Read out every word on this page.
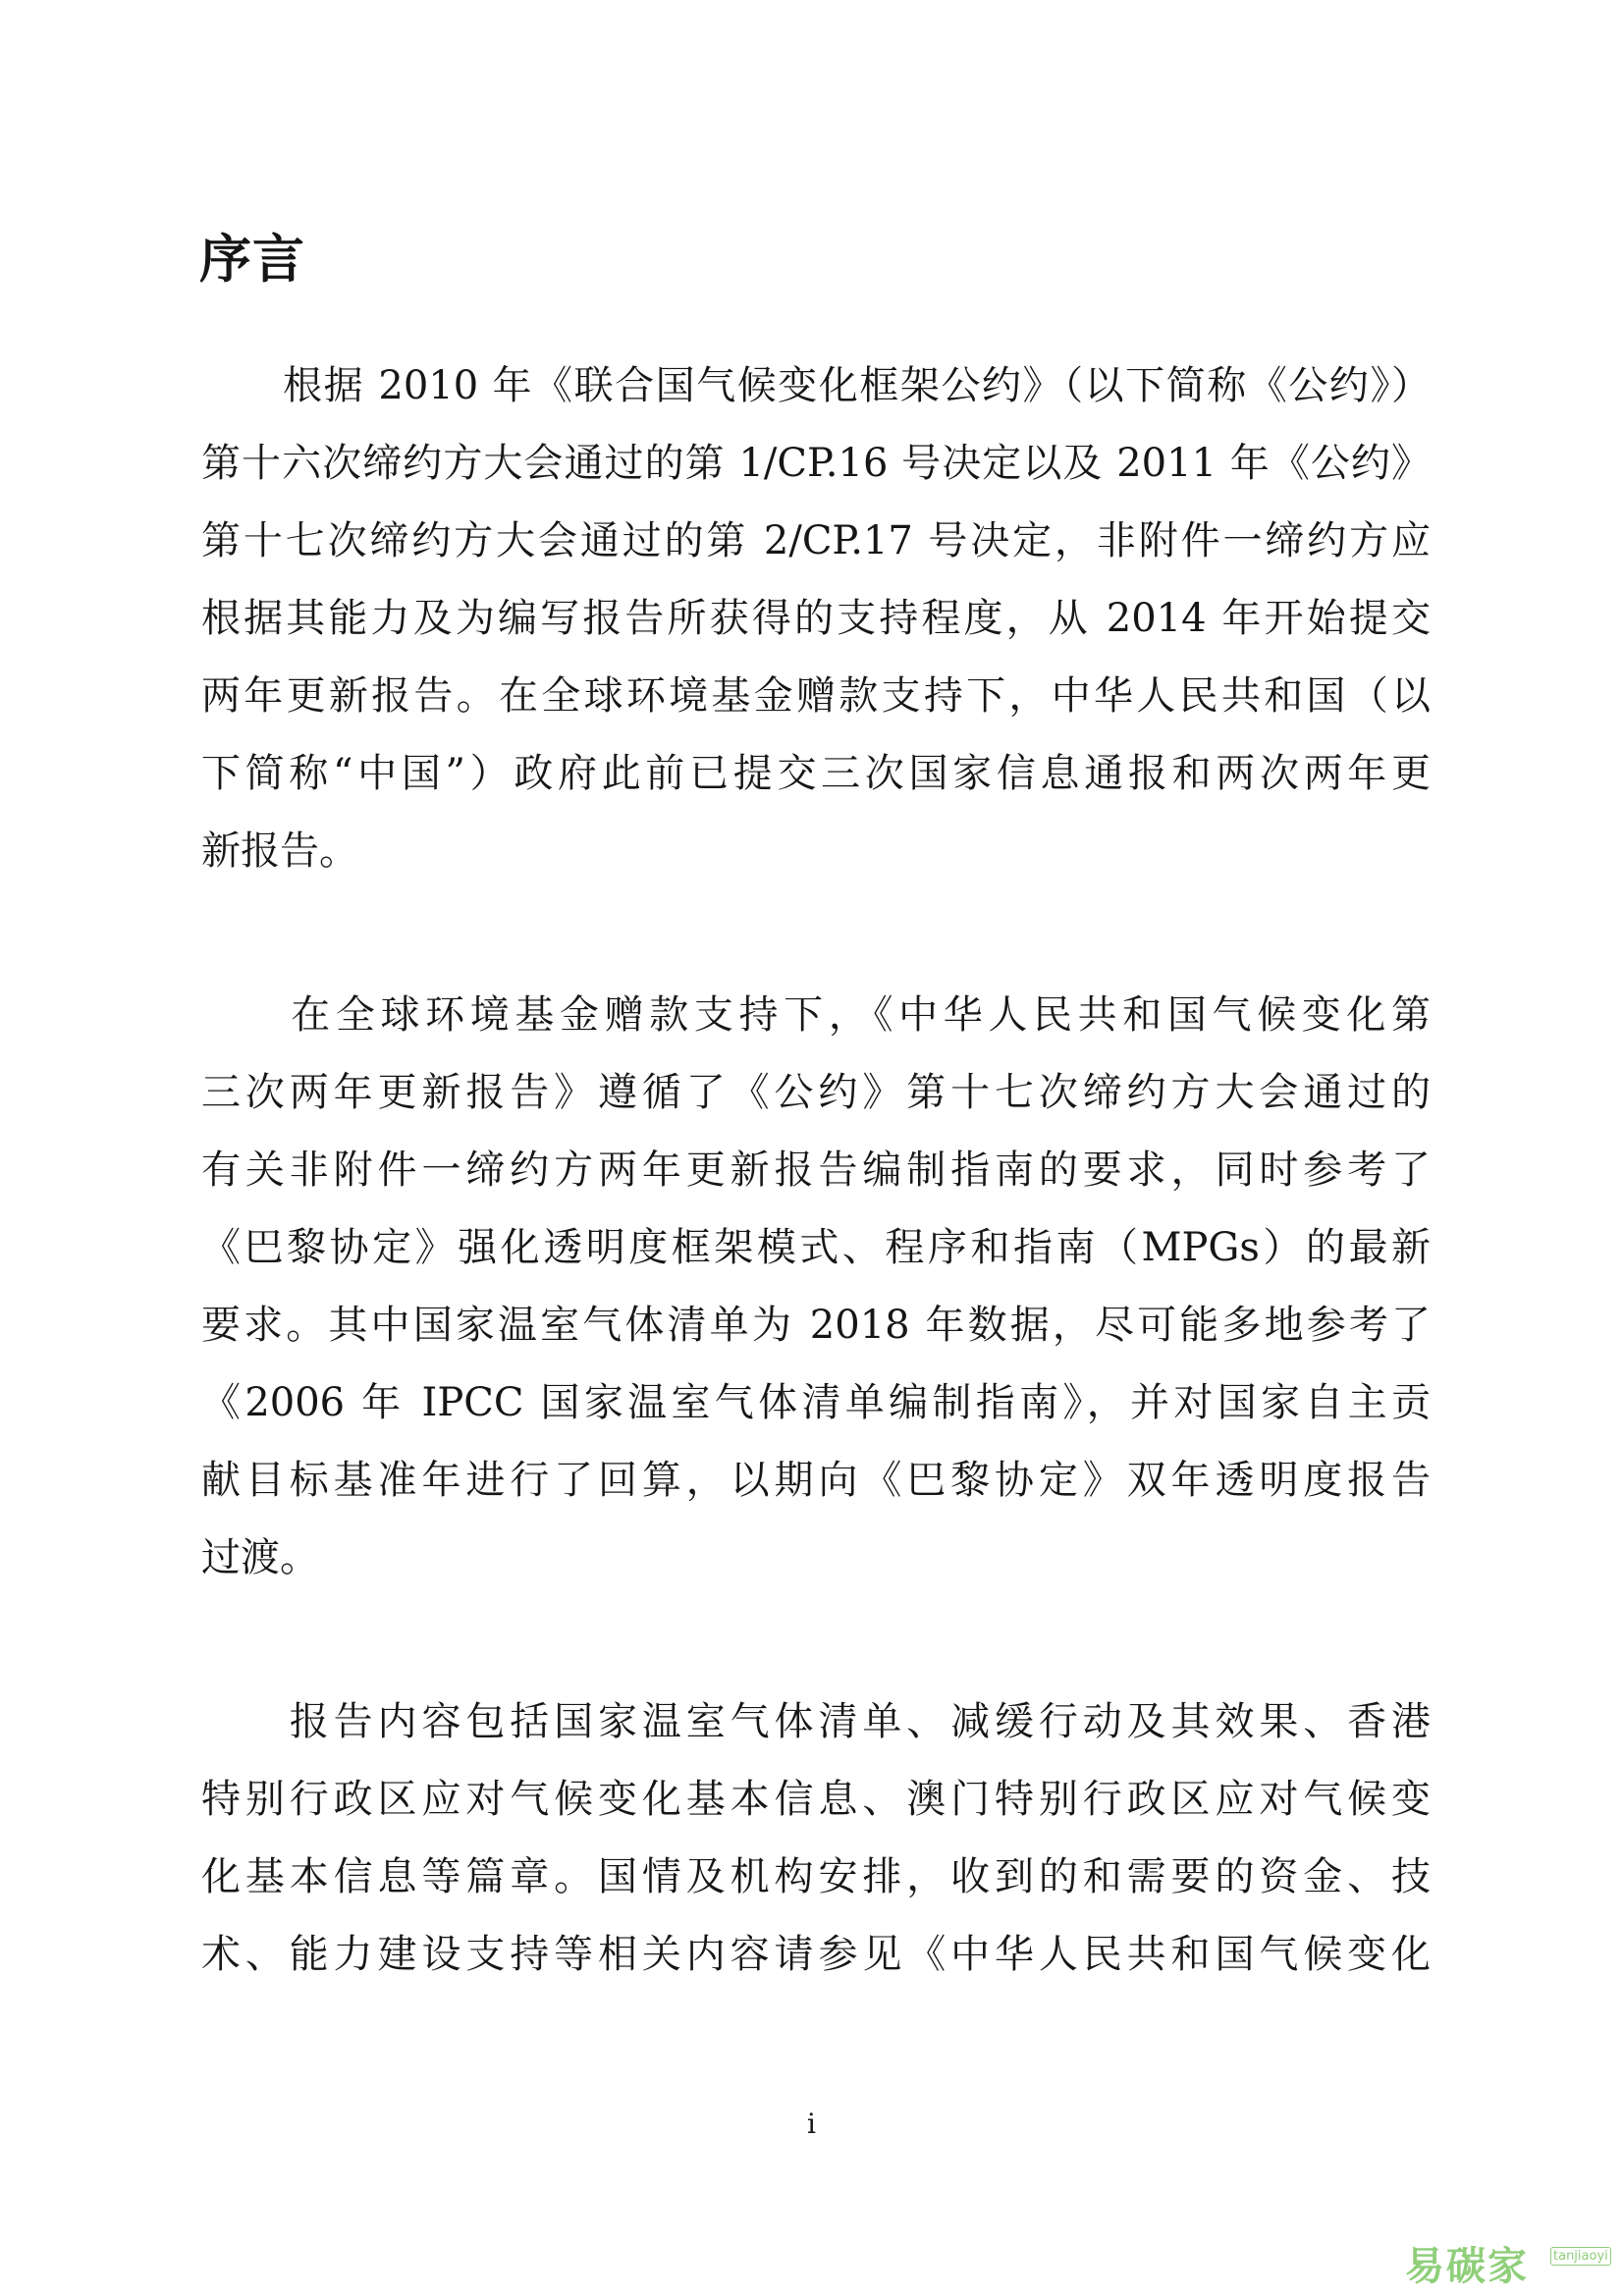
序言
　　根据 2010 年《联合国气候变化框架公约》（以下简称《公约》）
第十六次缔约方大会通过的第 1/CP.16 号决定以及 2011 年《公约》
第十七次缔约方大会通过的第 2/CP.17 号决定，非附件一缔约方应
根据其能力及为编写报告所获得的支持程度，从 2014 年开始提交
两年更新报告。在全球环境基金赠款支持下，中华人民共和国（以
下简称“中国”）政府此前已提交三次国家信息通报和两次两年更
新报告。
　　在全球环境基金赠款支持下，《中华人民共和国气候变化第
三次两年更新报告》遵循了《公约》第十七次缔约方大会通过的
有关非附件一缔约方两年更新报告编制指南的要求，同时参考了
《巴黎协定》强化透明度框架模式、程序和指南（MPGs）的最新
要求。其中国家温室气体清单为 2018 年数据，尽可能多地参考了
《2006 年 IPCC 国家温室气体清单编制指南》，并对国家自主贡
献目标基准年进行了回算，以期向《巴黎协定》双年透明度报告
过渡。
　　报告内容包括国家温室气体清单、减缓行动及其效果、香港
特别行政区应对气候变化基本信息、澳门特别行政区应对气候变
化基本信息等篇章。国情及机构安排，收到的和需要的资金、技
术、能力建设支持等相关内容请参见《中华人民共和国气候变化
i
易碳家 tanjiaoyi
